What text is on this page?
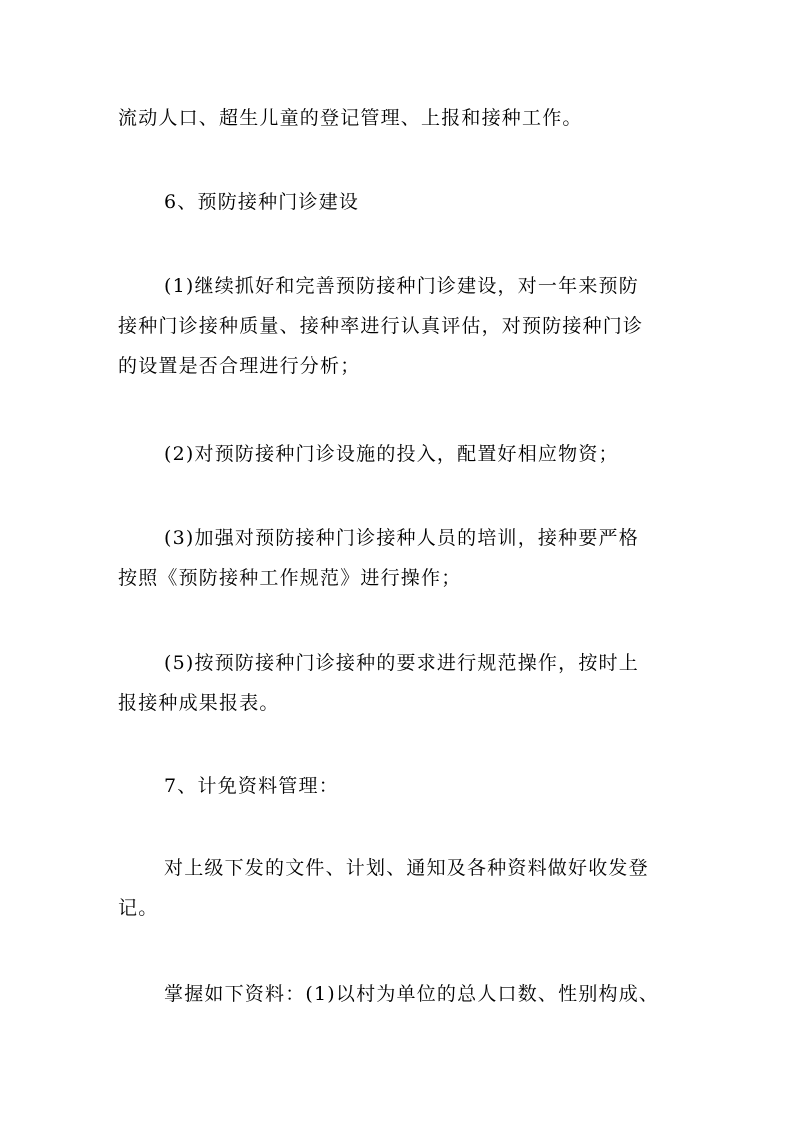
流动人口、超生儿童的登记管理、上报和接种工作。
6、预防接种门诊建设
(1)继续抓好和完善预防接种门诊建设，对一年来预防
接种门诊接种质量、接种率进行认真评估，对预防接种门诊
的设置是否合理进行分析；
(2)对预防接种门诊设施的投入，配置好相应物资；
(3)加强对预防接种门诊接种人员的培训，接种要严格
按照《预防接种工作规范》进行操作；
(5)按预防接种门诊接种的要求进行规范操作，按时上
报接种成果报表。
7、计免资料管理：
对上级下发的文件、计划、通知及各种资料做好收发登
记。
掌握如下资料：(1)以村为单位的总人口数、性别构成、
